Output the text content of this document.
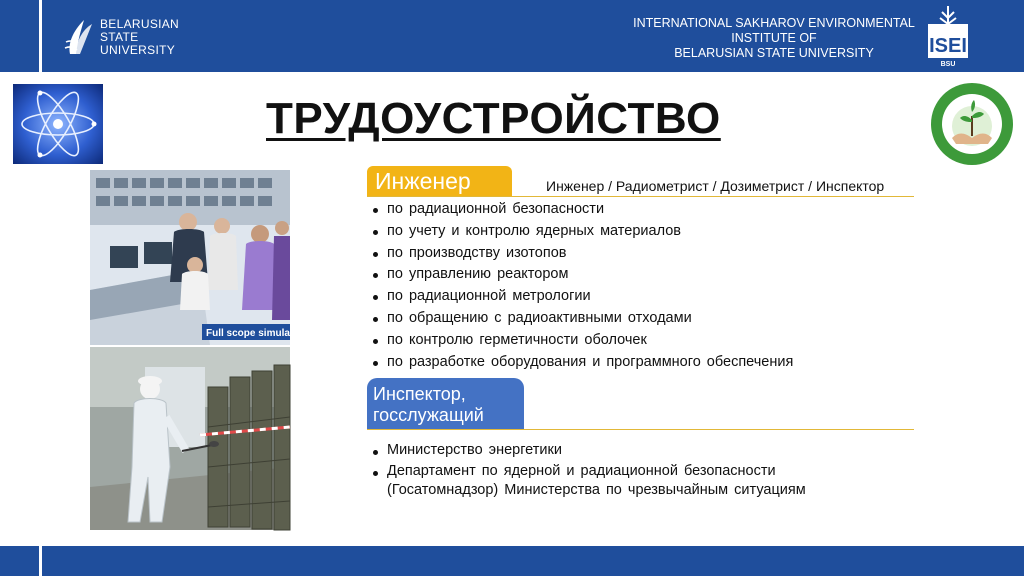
BELARUSIAN
STATE
UNIVERSITY
INTERNATIONAL SAKHAROV ENVIRONMENTAL
INSTITUTE OF
BELARUSIAN STATE UNIVERSITY	ISEI
BSU
ТРУДОУСТРОЙСТВО
Full scope simulator
Инженер	Инженер / Радиометрист / Дозиметрист / Инспектор
по радиационной безопасности
по учету и контролю ядерных материалов
по производству изотопов
по управлению реактором
по радиационной метрологии
по обращению с радиоактивными отходами
по контролю герметичности оболочек
по разработке оборудования и программного обеспечения
Инспектор,
госслужащий
Министерство энергетики
Департамент по ядерной и радиационной безопасности
(Госатомнадзор) Министерства по чрезвычайным ситуациям
